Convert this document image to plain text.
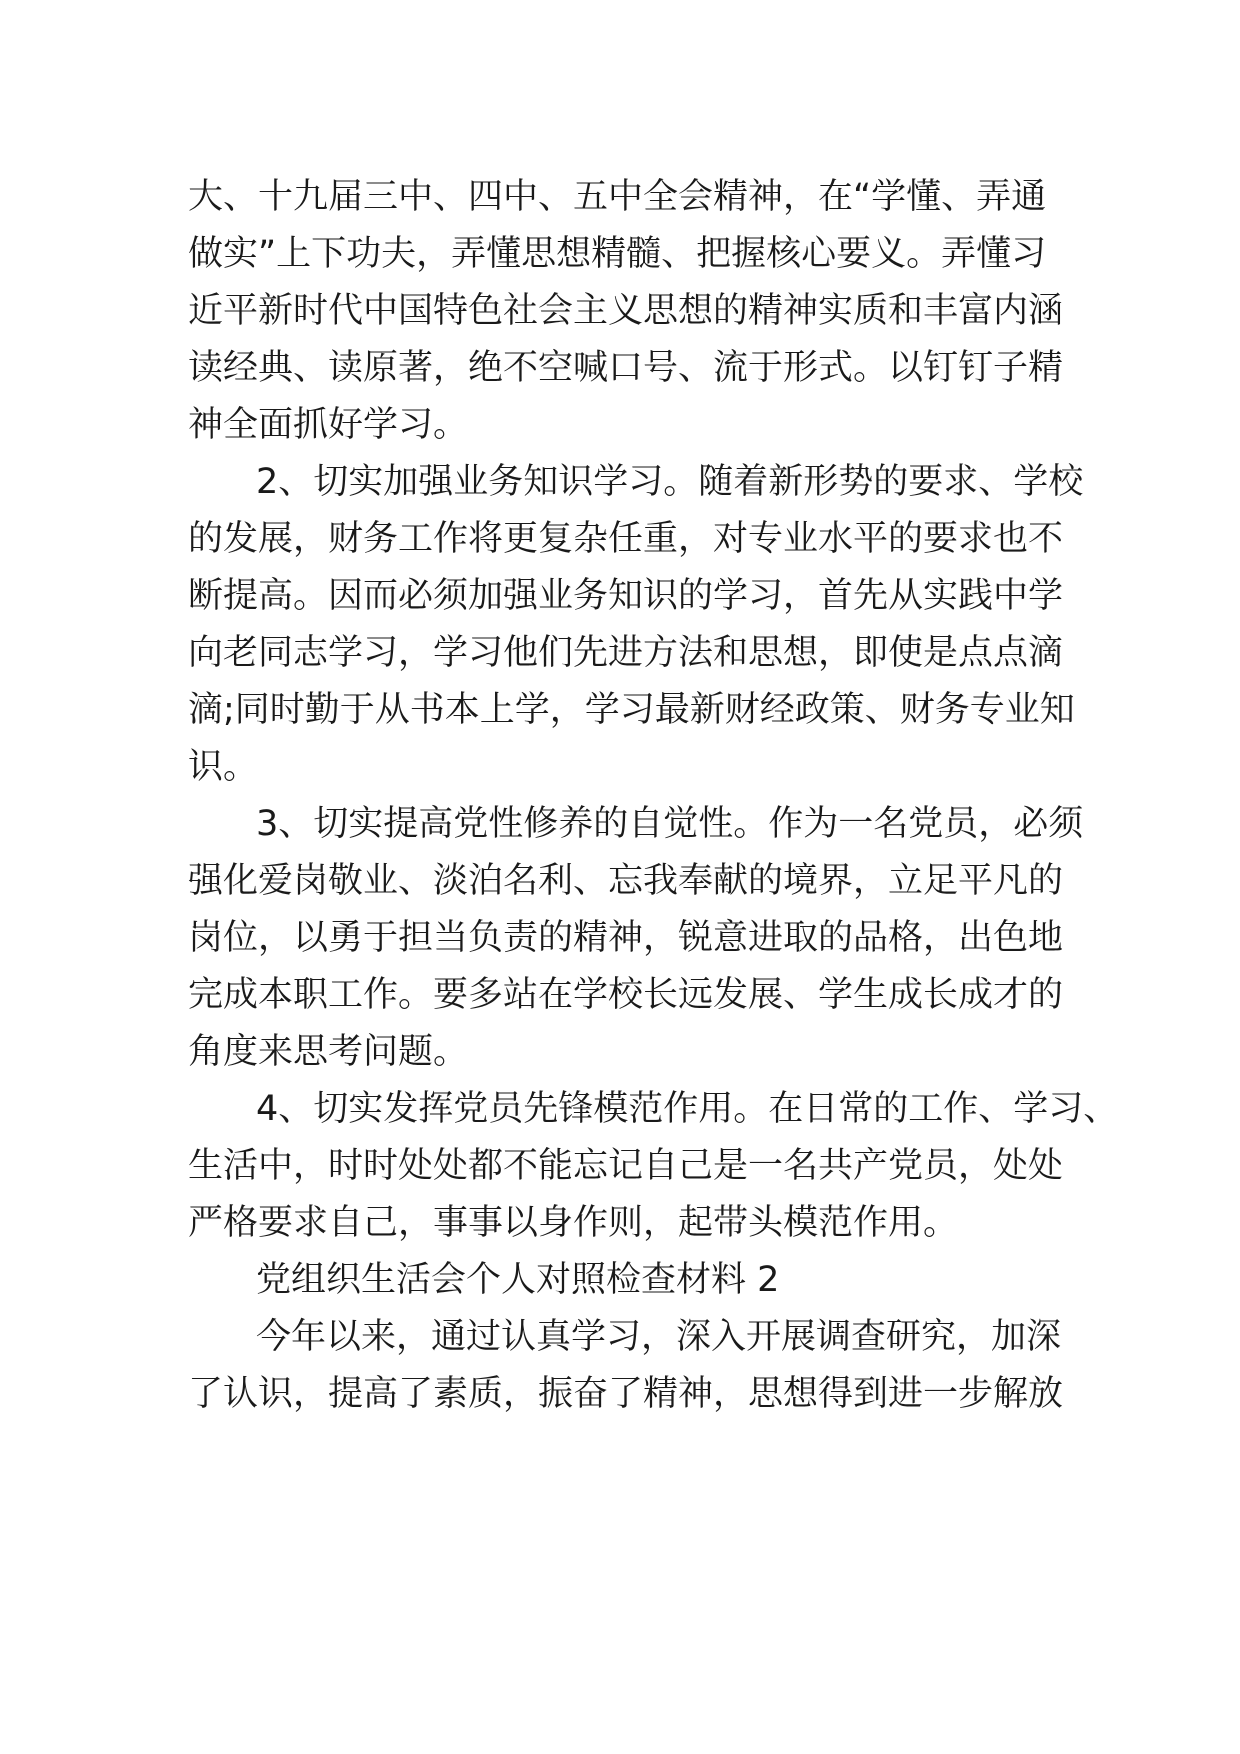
大、十九届三中、四中、五中全会精神，在“学懂、弄通

做实”上下功夫，弄懂思想精髓、把握核心要义。弄懂习

近平新时代中国特色社会主义思想的精神实质和丰富内涵

读经典、读原著，绝不空喊口号、流于形式。以钉钉子精

神全面抓好学习。

2、切实加强业务知识学习。随着新形势的要求、学校

的发展，财务工作将更复杂任重，对专业水平的要求也不

断提高。因而必须加强业务知识的学习，首先从实践中学

向老同志学习，学习他们先进方法和思想，即使是点点滴

滴;同时勤于从书本上学，学习最新财经政策、财务专业知

识。

3、切实提高党性修养的自觉性。作为一名党员，必须

强化爱岗敬业、淡泊名利、忘我奉献的境界，立足平凡的

岗位，以勇于担当负责的精神，锐意进取的品格，出色地

完成本职工作。要多站在学校长远发展、学生成长成才的

角度来思考问题。

4、切实发挥党员先锋模范作用。在日常的工作、学习、

生活中，时时处处都不能忘记自己是一名共产党员，处处

严格要求自己，事事以身作则，起带头模范作用。

党组织生活会个人对照检查材料 2

今年以来，通过认真学习，深入开展调查研究，加深

了认识，提高了素质，振奋了精神，思想得到进一步解放
